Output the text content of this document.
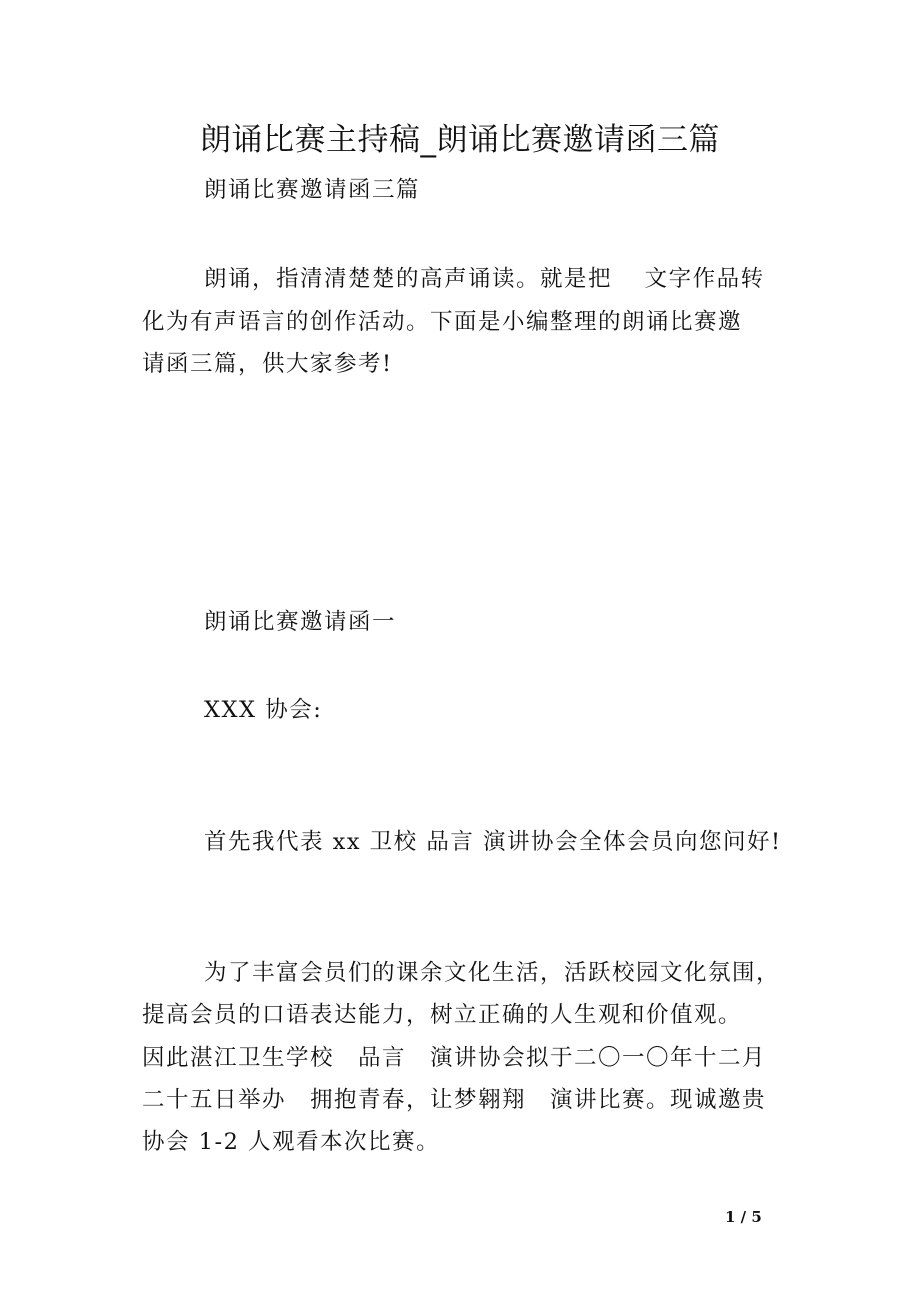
朗诵比赛主持稿_朗诵比赛邀请函三篇
朗诵比赛邀请函三篇
朗诵，指清清楚楚的高声诵读。就是把　 文字作品转
化为有声语言的创作活动。下面是小编整理的朗诵比赛邀
请函三篇，供大家参考!
朗诵比赛邀请函一
XXX 协会:
首先我代表 xx 卫校 品言 演讲协会全体会员向您问好!
为了丰富会员们的课余文化生活，活跃校园文化氛围，
提高会员的口语表达能力，树立正确的人生观和价值观。
因此湛江卫生学校　品言　演讲协会拟于二〇一〇年十二月
二十五日举办　拥抱青春，让梦翱翔　演讲比赛。现诚邀贵
协会 1-2 人观看本次比赛。
1 / 5
